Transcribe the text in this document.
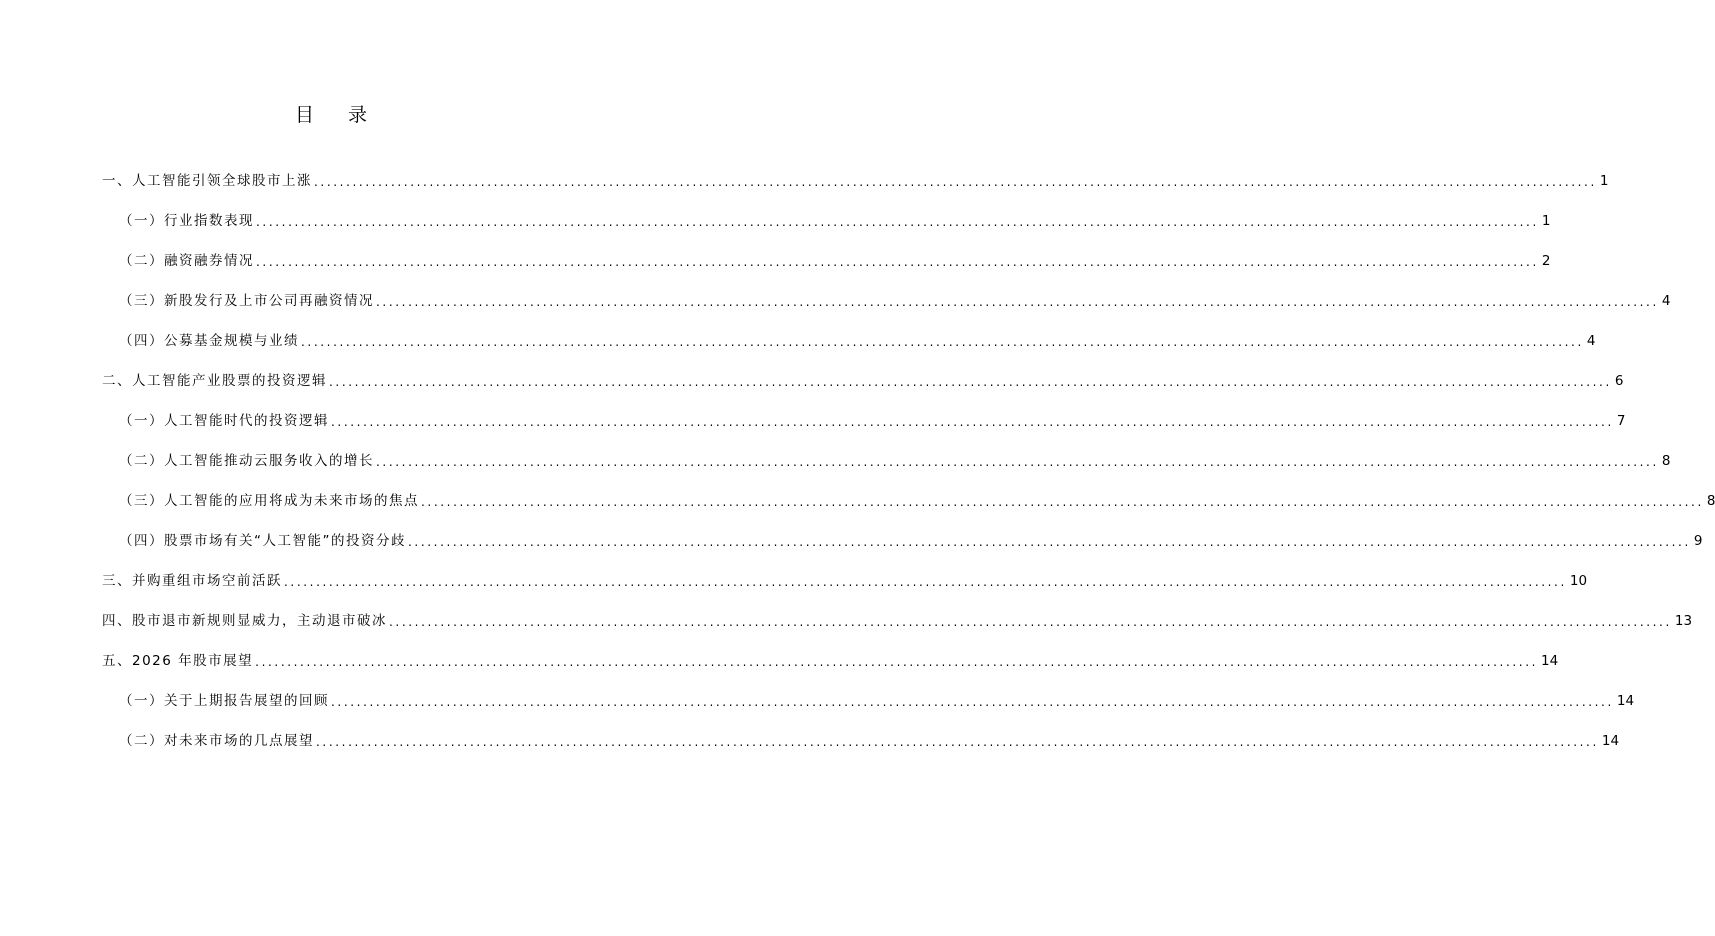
目 录
一、人工智能引领全球股市上涨 ........................................................................................................................................................................................................ 1
（一）行业指数表现 ........................................................................................................................................................................................................ 1
（二）融资融券情况 ........................................................................................................................................................................................................ 2
（三）新股发行及上市公司再融资情况 ........................................................................................................................................................................................................ 4
（四）公募基金规模与业绩 ........................................................................................................................................................................................................ 4
二、人工智能产业股票的投资逻辑 ........................................................................................................................................................................................................ 6
（一）人工智能时代的投资逻辑 ........................................................................................................................................................................................................ 7
（二）人工智能推动云服务收入的增长 ........................................................................................................................................................................................................ 8
（三）人工智能的应用将成为未来市场的焦点 ........................................................................................................................................................................................................ 8
（四）股票市场有关“人工智能”的投资分歧 ........................................................................................................................................................................................................ 9
三、并购重组市场空前活跃 ........................................................................................................................................................................................................ 10
四、股市退市新规则显威力，主动退市破冰 ........................................................................................................................................................................................................ 13
五、2026 年股市展望 ........................................................................................................................................................................................................ 14
（一）关于上期报告展望的回顾 ........................................................................................................................................................................................................ 14
（二）对未来市场的几点展望 ........................................................................................................................................................................................................ 14
